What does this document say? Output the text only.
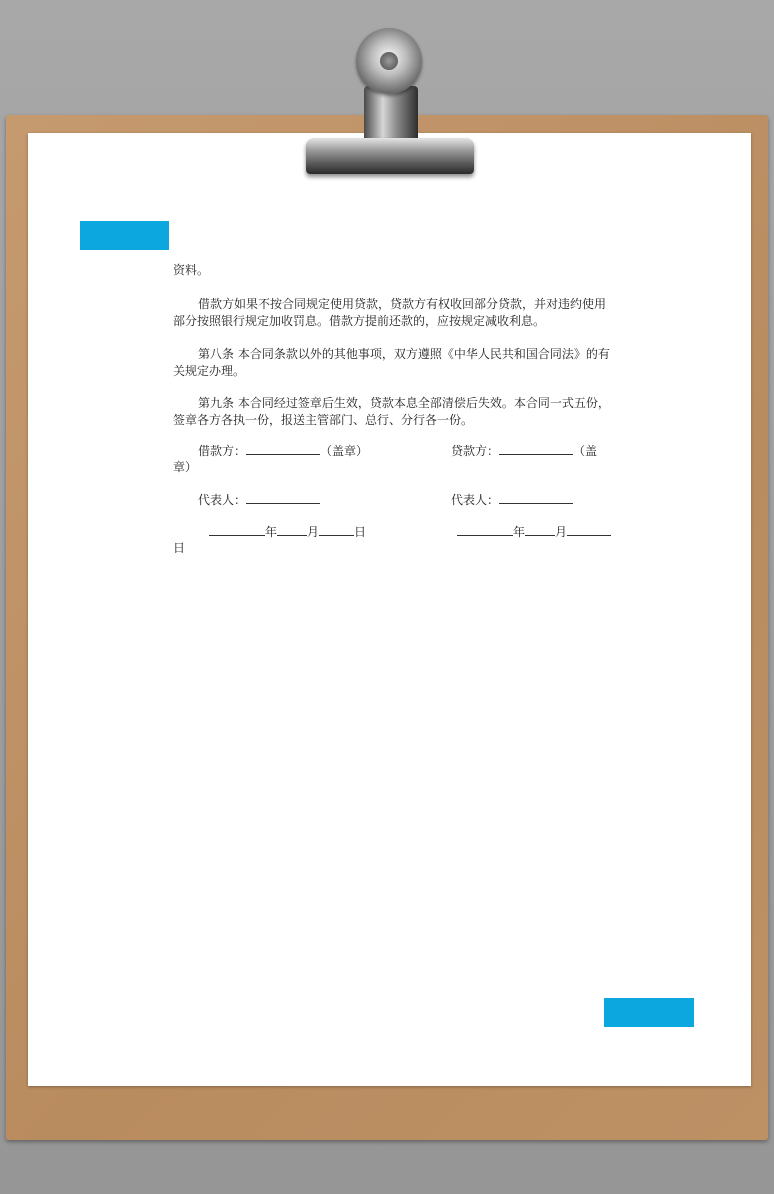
资料。

借款方如果不按合同规定使用贷款，贷款方有权收回部分贷款，并对违约使用部分按照银行规定加收罚息。借款方提前还款的，应按规定减收利息。

第八条 本合同条款以外的其他事项，双方遵照《中华人民共和国合同法》的有关规定办理。

第九条 本合同经过签章后生效，贷款本息全部清偿后失效。本合同一式五份，签章各方各执一份，报送主管部门、总行、分行各一份。

借款方：	（盖章）	贷款方：	（盖
章）
代表人：	代表人：
年	月	日	年	月
日
